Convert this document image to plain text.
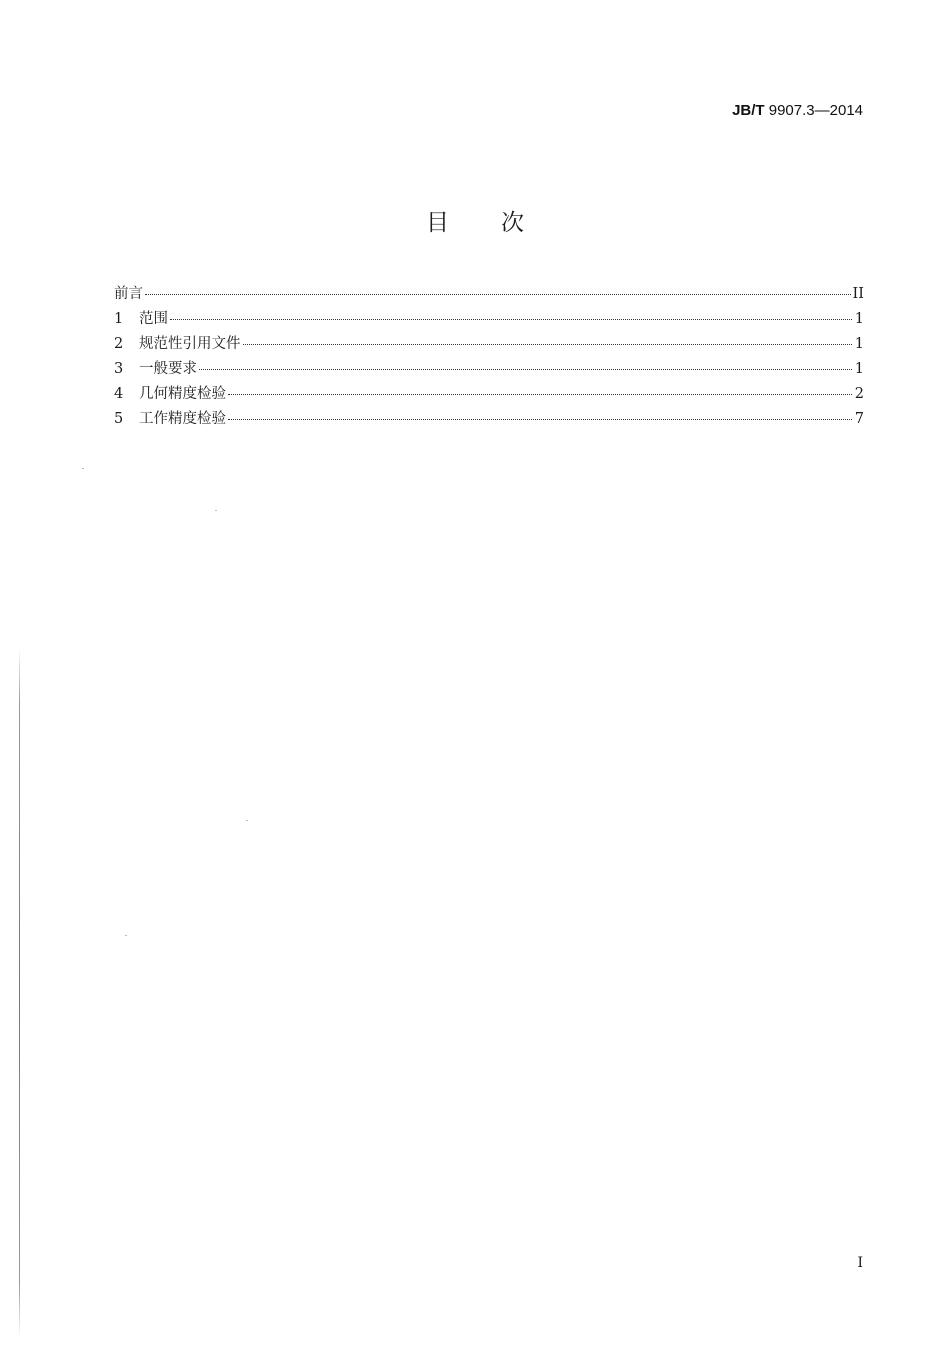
JB/T 9907.3—2014
目 次
前言	II
1	范围	1
2	规范性引用文件	1
3	一般要求	1
4	几何精度检验	2
5	工作精度检验	7
I
